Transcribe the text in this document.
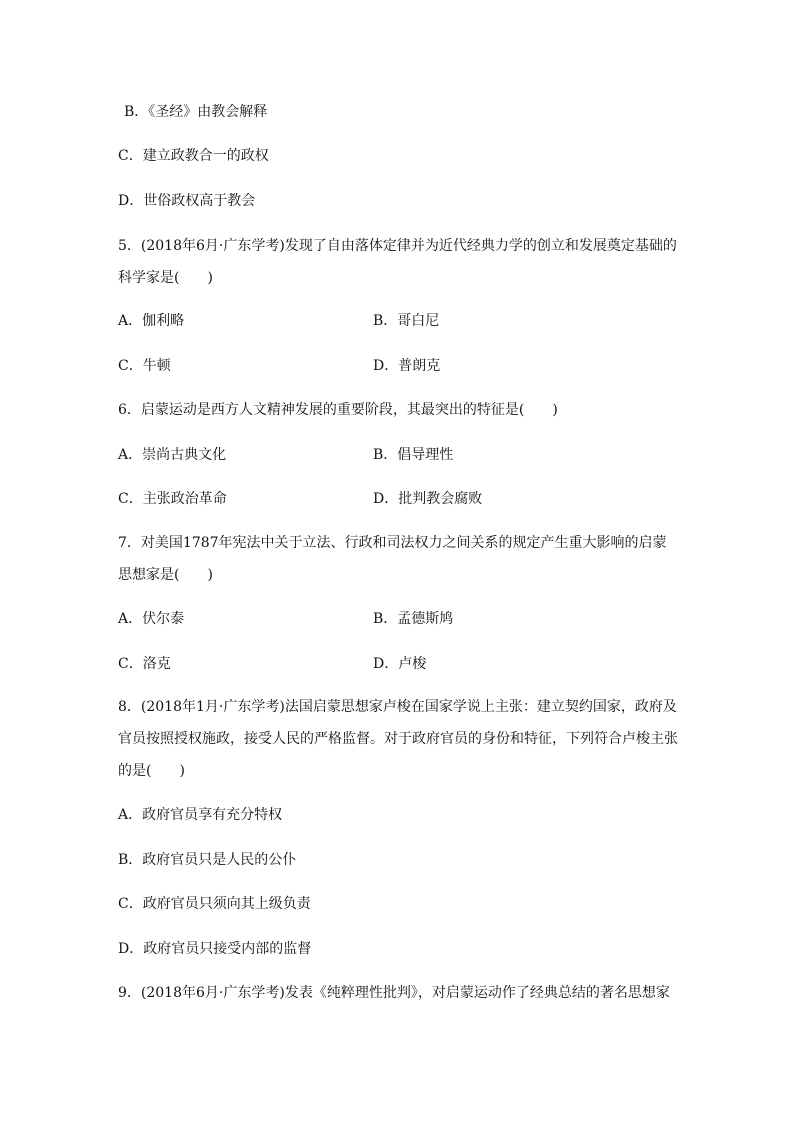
B．《圣经》由教会解释
C．建立政教合一的政权
D．世俗政权高于教会
5．(2018年6月·广东学考)发现了自由落体定律并为近代经典力学的创立和发展奠定基础的
科学家是(　　)
A．伽利略	B．哥白尼
C．牛顿	D．普朗克
6．启蒙运动是西方人文精神发展的重要阶段，其最突出的特征是(　　)
A．崇尚古典文化	B．倡导理性
C．主张政治革命	D．批判教会腐败
7．对美国1787年宪法中关于立法、行政和司法权力之间关系的规定产生重大影响的启蒙
思想家是(　　)
A．伏尔泰	B．孟德斯鸠
C．洛克	D．卢梭
8．(2018年1月·广东学考)法国启蒙思想家卢梭在国家学说上主张：建立契约国家，政府及
官员按照授权施政，接受人民的严格监督。对于政府官员的身份和特征，下列符合卢梭主张
的是(　　)
A．政府官员享有充分特权
B．政府官员只是人民的公仆
C．政府官员只须向其上级负责
D．政府官员只接受内部的监督
9．(2018年6月·广东学考)发表《纯粹理性批判》，对启蒙运动作了经典总结的著名思想家
